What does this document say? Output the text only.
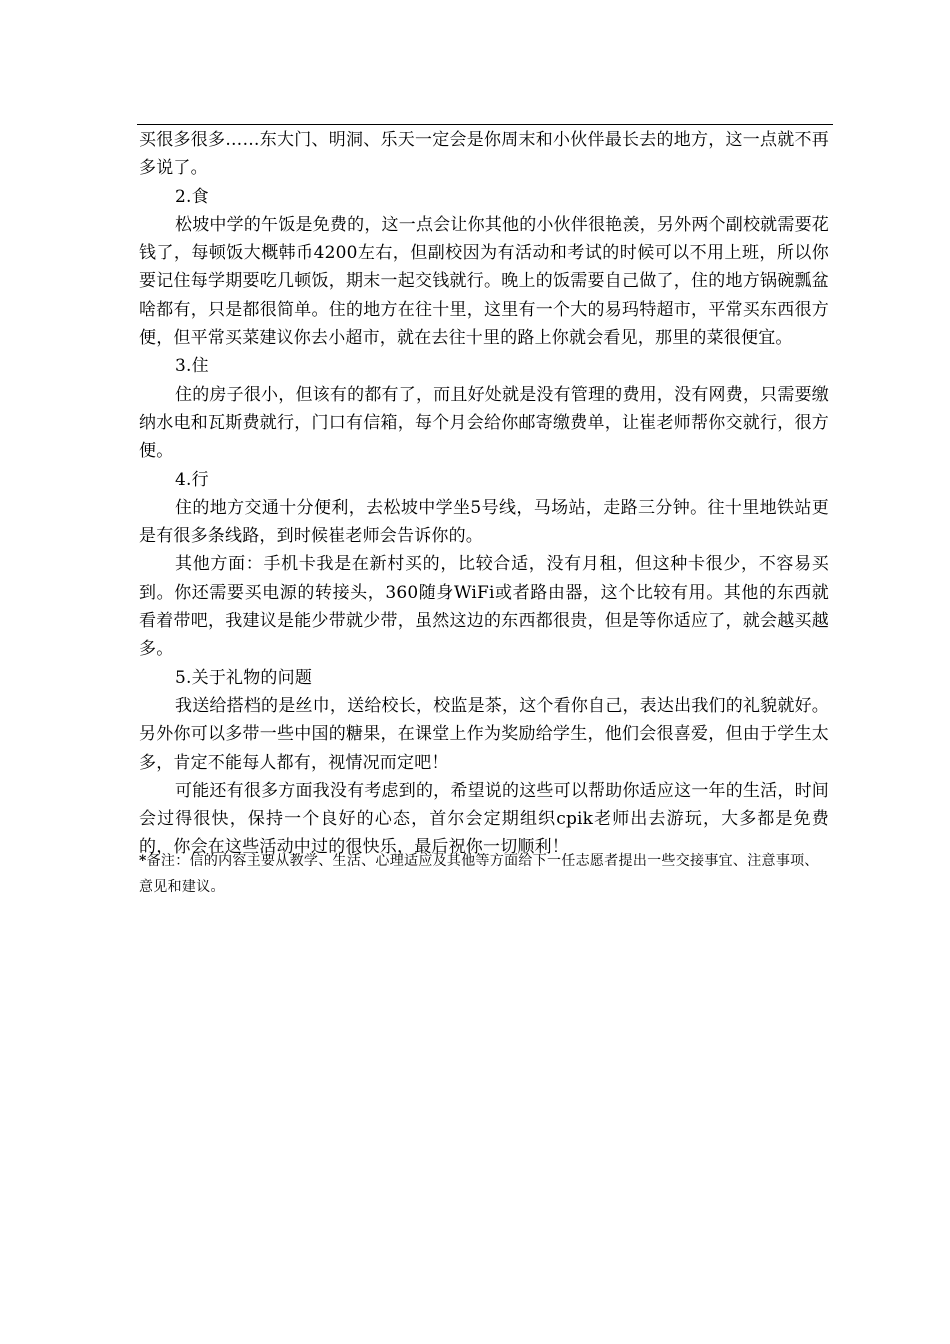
买很多很多……东大门、明洞、乐天一定会是你周末和小伙伴最长去的地方，这一点就不再多说了。

2.食

松坡中学的午饭是免费的，这一点会让你其他的小伙伴很艳羡，另外两个副校就需要花钱了，每顿饭大概韩币4200左右，但副校因为有活动和考试的时候可以不用上班，所以你要记住每学期要吃几顿饭，期末一起交钱就行。晚上的饭需要自己做了，住的地方锅碗瓢盆啥都有，只是都很简单。住的地方在往十里，这里有一个大的易玛特超市，平常买东西很方便，但平常买菜建议你去小超市，就在去往十里的路上你就会看见，那里的菜很便宜。

3.住

住的房子很小，但该有的都有了，而且好处就是没有管理的费用，没有网费，只需要缴纳水电和瓦斯费就行，门口有信箱，每个月会给你邮寄缴费单，让崔老师帮你交就行，很方便。

4.行

住的地方交通十分便利，去松坡中学坐5号线，马场站，走路三分钟。往十里地铁站更是有很多条线路，到时候崔老师会告诉你的。

其他方面：手机卡我是在新村买的，比较合适，没有月租，但这种卡很少，不容易买到。你还需要买电源的转接头，360随身WiFi或者路由器，这个比较有用。其他的东西就看着带吧，我建议是能少带就少带，虽然这边的东西都很贵，但是等你适应了，就会越买越多。

5.关于礼物的问题

我送给搭档的是丝巾，送给校长，校监是茶，这个看你自己，表达出我们的礼貌就好。另外你可以多带一些中国的糖果，在课堂上作为奖励给学生，他们会很喜爱，但由于学生太多，肯定不能每人都有，视情况而定吧！

可能还有很多方面我没有考虑到的，希望说的这些可以帮助你适应这一年的生活，时间会过得很快，保持一个良好的心态，首尔会定期组织cpik老师出去游玩，大多都是免费的，你会在这些活动中过的很快乐，最后祝你一切顺利！

*备注：信的内容主要从教学、生活、心理适应及其他等方面给下一任志愿者提出一些交接事宜、注意事项、意见和建议。
